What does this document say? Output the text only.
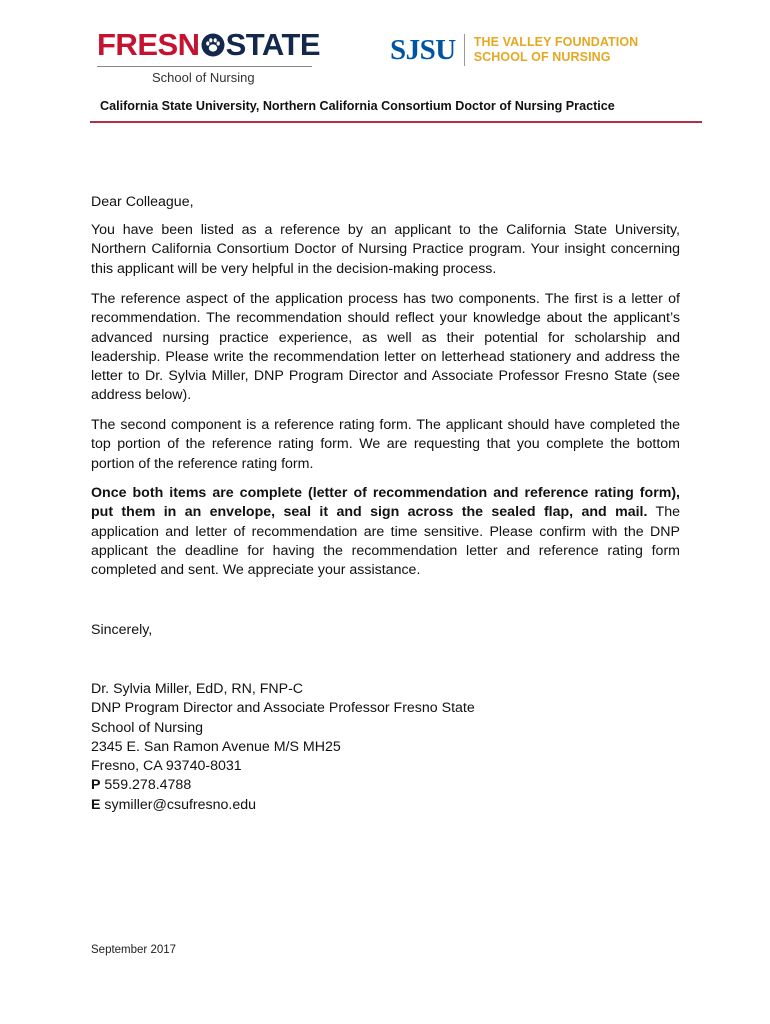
FRESN STATE
School of Nursing
SJSU THE VALLEY FOUNDATION
SCHOOL OF NURSING
California State University, Northern California Consortium Doctor of Nursing Practice
Dear Colleague,
You have been listed as a reference by an applicant to the California State University, Northern California Consortium Doctor of Nursing Practice program. Your insight concerning this applicant will be very helpful in the decision-making process.
The reference aspect of the application process has two components. The first is a letter of recommendation. The recommendation should reflect your knowledge about the applicant’s advanced nursing practice experience, as well as their potential for scholarship and leadership. Please write the recommendation letter on letterhead stationery and address the letter to Dr. Sylvia Miller, DNP Program Director and Associate Professor Fresno State (see address below).
The second component is a reference rating form. The applicant should have completed the top portion of the reference rating form. We are requesting that you complete the bottom portion of the reference rating form.
Once both items are complete (letter of recommendation and reference rating form), put them in an envelope, seal it and sign across the sealed flap, and mail. The application and letter of recommendation are time sensitive. Please confirm with the DNP applicant the deadline for having the recommendation letter and reference rating form completed and sent. We appreciate your assistance.
Sincerely,
Dr. Sylvia Miller, EdD, RN, FNP-C
DNP Program Director and Associate Professor Fresno State
School of Nursing
2345 E. San Ramon Avenue M/S MH25
Fresno, CA 93740-8031
P 559.278.4788
E symiller@csufresno.edu
September 2017
